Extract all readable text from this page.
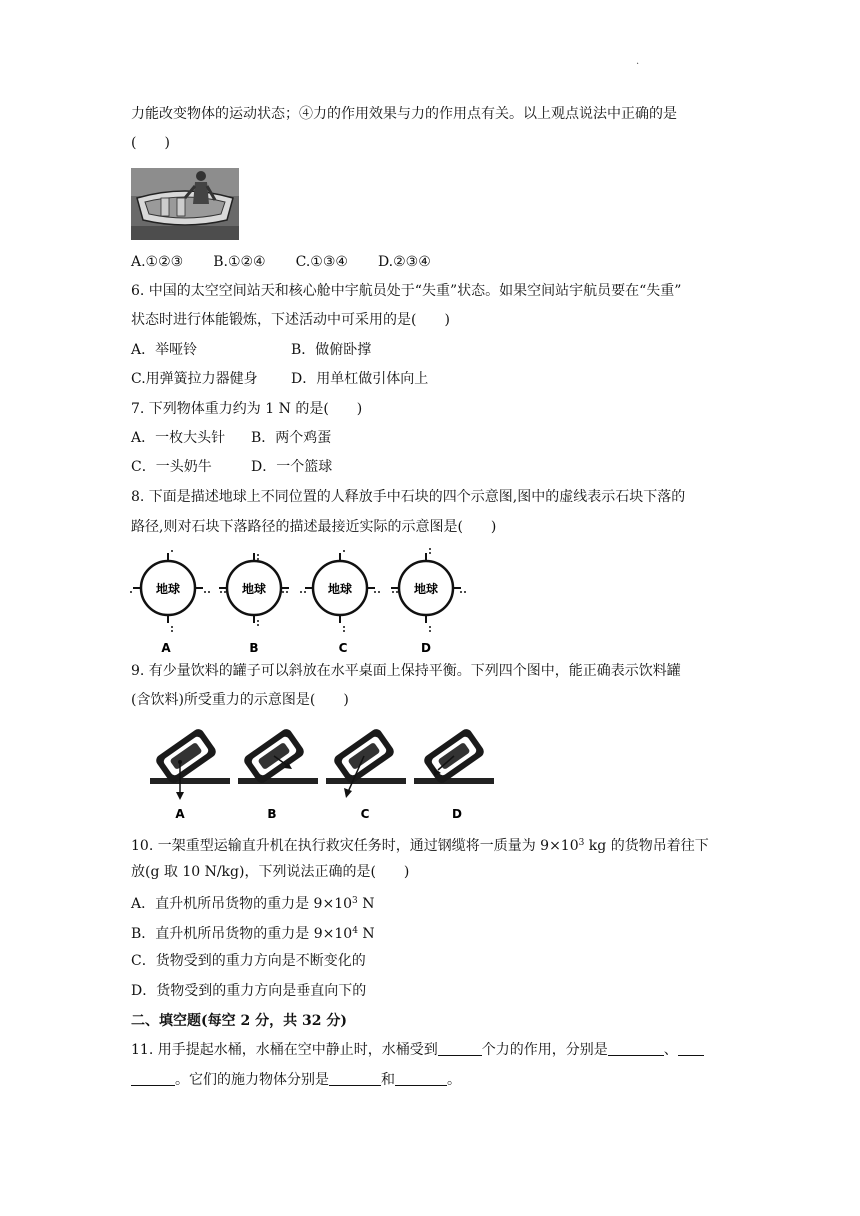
.
力能改变物体的运动状态；④力的作用效果与力的作用点有关。以上观点说法中正确的是
(　　)
A.①②③ B.①②④ C.①③④ D.②③④
6. 中国的太空空间站天和核心舱中宇航员处于“失重”状态。如果空间站宇航员要在“失重”
状态时进行体能锻炼，下述活动中可采用的是(　　)
A．举哑铃	B．做俯卧撑
C.用弹簧拉力器健身 D．用单杠做引体向上
7. 下列物体重力约为 1 N 的是(　　)
A．一枚大头针 B．两个鸡蛋
C．一头奶牛	D．一个篮球
8. 下面是描述地球上不同位置的人释放手中石块的四个示意图,图中的虚线表示石块下落的
路径,则对石块下落路径的描述最接近实际的示意图是(　　)
地球	地球	地球	地球
A	B	C	D
9. 有少量饮料的罐子可以斜放在水平桌面上保持平衡。下列四个图中，能正确表示饮料罐
(含饮料)所受重力的示意图是(　　)
A	B	C	D
10. 一架重型运输直升机在执行救灾任务时，通过钢缆将一质量为 $9\times 10^3$ kg 的货物吊着往下
放(g 取 10 N/kg)，下列说法正确的是(　　)
A．直升机所吊货物的重力是 $9\times 10^3$ N
B．直升机所吊货物的重力是 $9\times 10^4$ N
C．货物受到的重力方向是不断变化的
D．货物受到的重力方向是垂直向下的
二、填空题(每空 2 分，共 32 分)
11. 用手提起水桶，水桶在空中静止时，水桶受到	个力的作用，分别是	、
。它们的施力物体分别是	和	。
